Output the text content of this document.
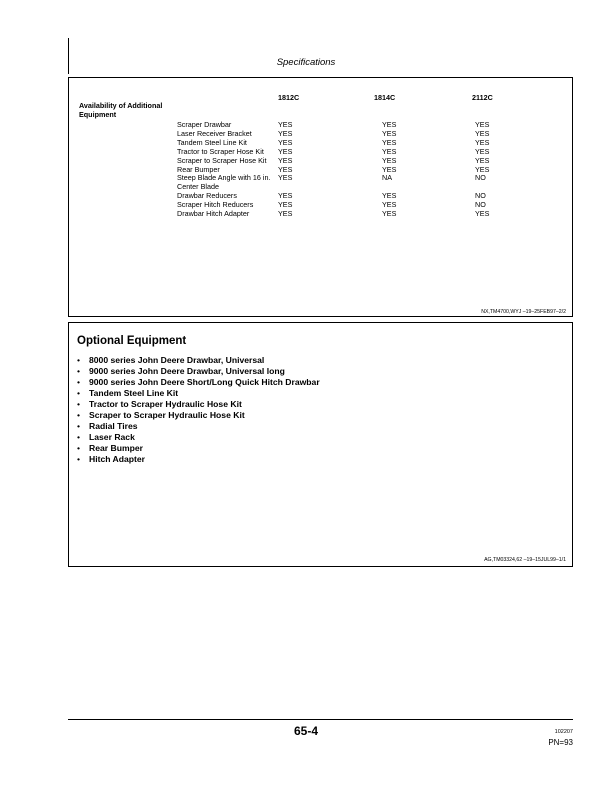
Specifications
Availability of Additional Equipment
1812C	1814C	2112C
Scraper Drawbar	YES	YES	YES
Laser Receiver Bracket	YES	YES	YES
Tandem Steel Line Kit	YES	YES	YES
Tractor to Scraper Hose Kit	YES	YES	YES
Scraper to Scraper Hose Kit	YES	YES	YES
Rear Bumper	YES	YES	YES
Steep Blade Angle with 16 in. Center Blade	YES	NA	NO
Drawbar Reducers	YES	YES	NO
Scraper Hitch Reducers	YES	YES	NO
Drawbar Hitch Adapter	YES	YES	YES
NX,TM4700,WYJ –19–25FEB97–2/2
Optional Equipment
• 8000 series John Deere Drawbar, Universal
• 9000 series John Deere Drawbar, Universal long
• 9000 series John Deere Short/Long Quick Hitch Drawbar
• Tandem Steel Line Kit
• Tractor to Scraper Hydraulic Hose Kit
• Scraper to Scraper Hydraulic Hose Kit
• Radial Tires
• Laser Rack
• Rear Bumper
• Hitch Adapter
AG,TM03324,62 –19–15JUL99–1/1
65-4	102207
PN=93
